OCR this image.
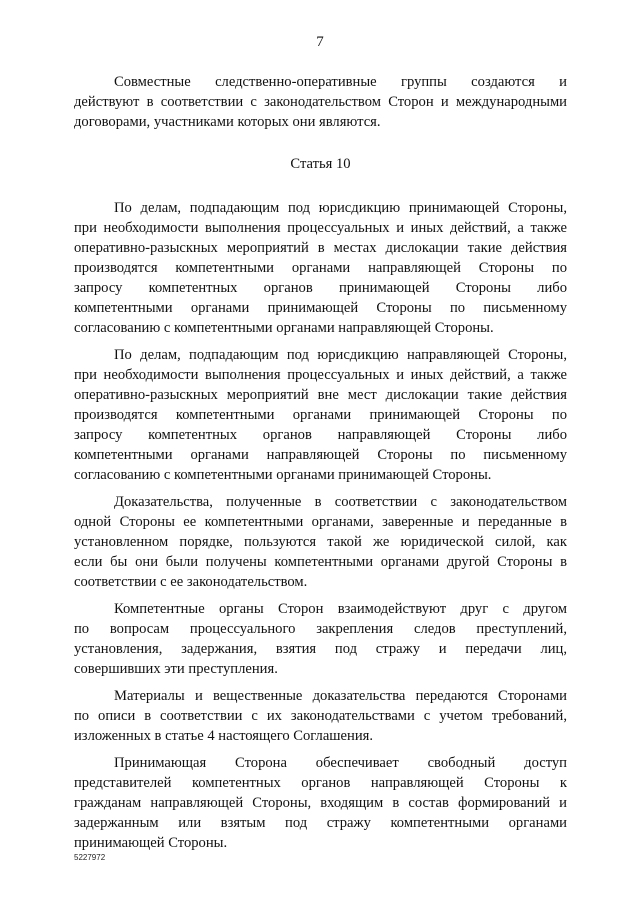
7
Совместные следственно-оперативные группы создаются и
действуют в соответствии с законодательством Сторон и международными
договорами, участниками которых они являются.
Статья 10
По делам, подпадающим под юрисдикцию принимающей Стороны,
при необходимости выполнения процессуальных и иных действий, а также
оперативно-разыскных мероприятий в местах дислокации такие действия
производятся компетентными органами направляющей Стороны по
запросу компетентных органов принимающей Стороны либо
компетентными органами принимающей Стороны по письменному
согласованию с компетентными органами направляющей Стороны.
По делам, подпадающим под юрисдикцию направляющей Стороны,
при необходимости выполнения процессуальных и иных действий, а также
оперативно-разыскных мероприятий вне мест дислокации такие действия
производятся компетентными органами принимающей Стороны по
запросу компетентных органов направляющей Стороны либо
компетентными органами направляющей Стороны по письменному
согласованию с компетентными органами принимающей Стороны.
Доказательства, полученные в соответствии с законодательством
одной Стороны ее компетентными органами, заверенные и переданные в
установленном порядке, пользуются такой же юридической силой, как
если бы они были получены компетентными органами другой Стороны в
соответствии с ее законодательством.
Компетентные органы Сторон взаимодействуют друг с другом
по вопросам процессуального закрепления следов преступлений,
установления, задержания, взятия под стражу и передачи лиц,
совершивших эти преступления.
Материалы и вещественные доказательства передаются Сторонами
по описи в соответствии с их законодательствами с учетом требований,
изложенных в статье 4 настоящего Соглашения.
Принимающая Сторона обеспечивает свободный доступ
представителей компетентных органов направляющей Стороны к
гражданам направляющей Стороны, входящим в состав формирований и
задержанным или взятым под стражу компетентными органами
принимающей Стороны.
5227972
